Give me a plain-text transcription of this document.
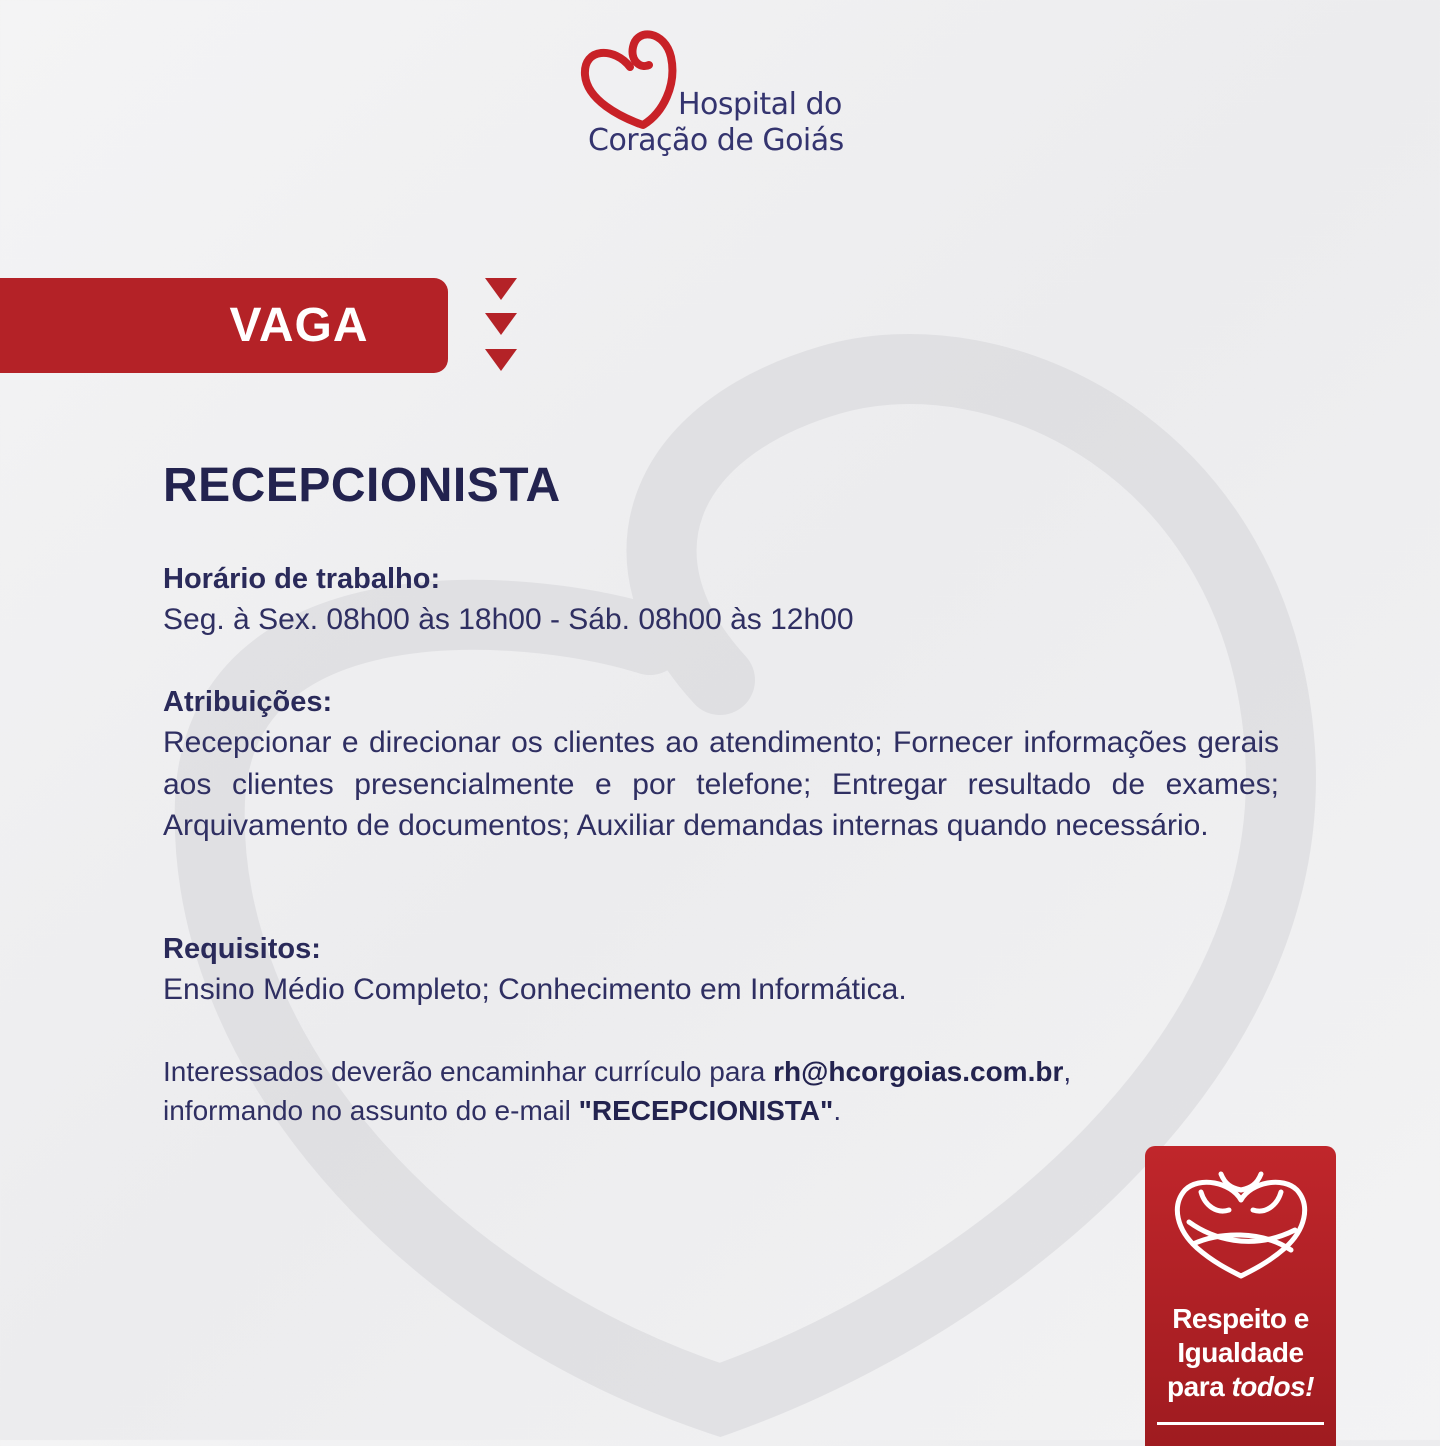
Hospital do
Coração de Goiás
VAGA
RECEPCIONISTA
Horário de trabalho:
Seg. à Sex. 08h00 às 18h00 - Sáb. 08h00 às 12h00
Atribuições:
Recepcionar e direcionar os clientes ao atendimento; Fornecer informações gerais aos clientes presencialmente e por telefone; Entregar resultado de exames; Arquivamento de documentos; Auxiliar demandas internas quando necessário.
Requisitos:
Ensino Médio Completo; Conhecimento em Informática.
Interessados deverão encaminhar currículo para rh@hcorgoias.com.br, informando no assunto do e-mail "RECEPCIONISTA".
Respeito e
Igualdade
para todos!
